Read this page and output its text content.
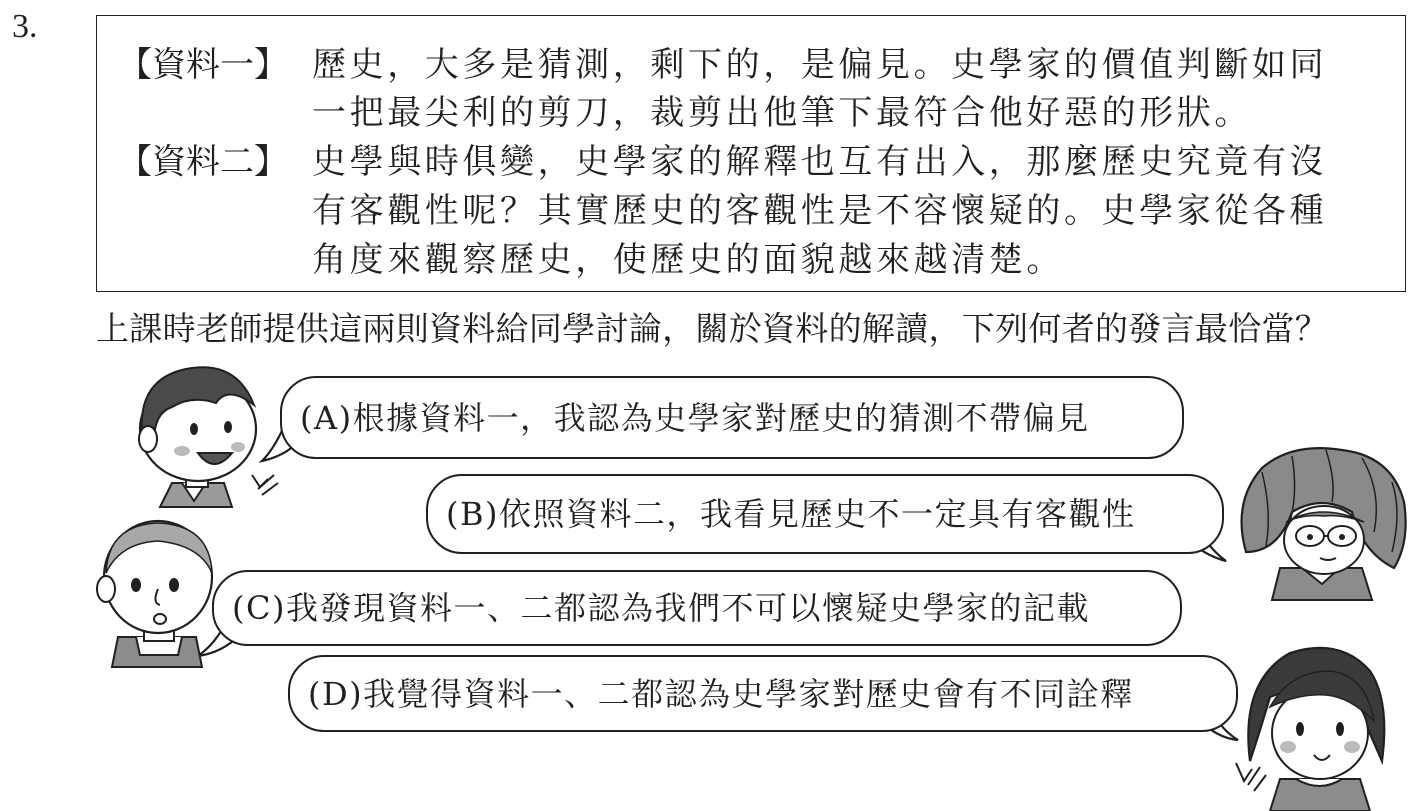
3.
【資料一】 歷史，大多是猜測，剩下的，是偏見。史學家的價值判斷如同
一把最尖利的剪刀，裁剪出他筆下最符合他好惡的形狀。
【資料二】 史學與時俱變，史學家的解釋也互有出入，那麼歷史究竟有沒
有客觀性呢？其實歷史的客觀性是不容懷疑的。史學家從各種
角度來觀察歷史，使歷史的面貌越來越清楚。
上課時老師提供這兩則資料給同學討論，關於資料的解讀，下列何者的發言最恰當？
(A)根據資料一，我認為史學家對歷史的猜測不帶偏見
(B)依照資料二，我看見歷史不一定具有客觀性
(C)我發現資料一、二都認為我們不可以懷疑史學家的記載
(D)我覺得資料一、二都認為史學家對歷史會有不同詮釋
